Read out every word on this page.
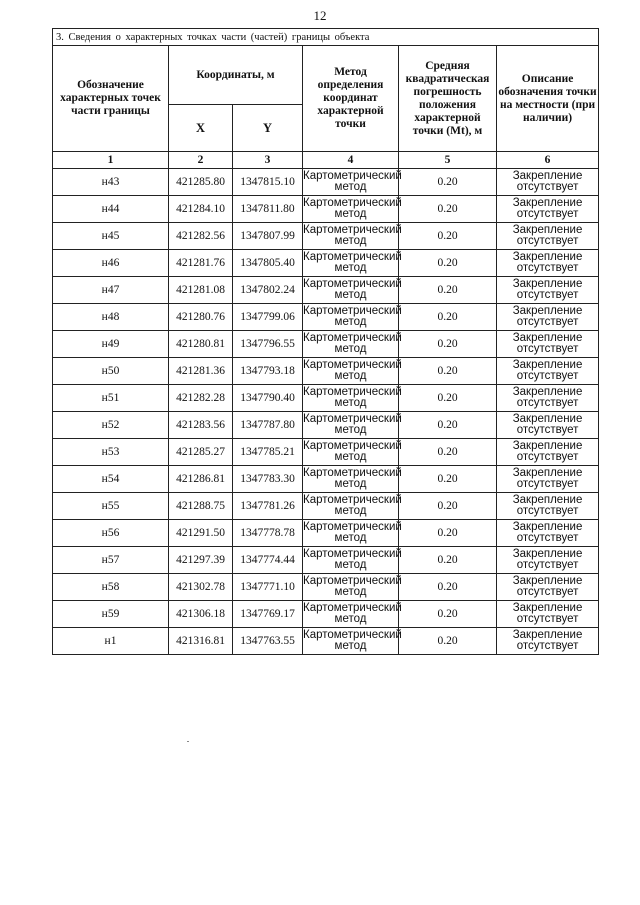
12
3. Сведения о характерных точках части (частей) границы объекта					
Обозначение характерных точек части границы	Координаты, м		Метод определения координат характерной точки	Средняя квадратическая погрешность положения характерной точки (Mt), м	Описание обозначения точки на местности (при наличии)
	X	Y			
1	2	3	4	5	6
н43	421285.80	1347815.10	Картометрический метод	0.20	Закрепление отсутствует
н44	421284.10	1347811.80	Картометрический метод	0.20	Закрепление отсутствует
н45	421282.56	1347807.99	Картометрический метод	0.20	Закрепление отсутствует
н46	421281.76	1347805.40	Картометрический метод	0.20	Закрепление отсутствует
н47	421281.08	1347802.24	Картометрический метод	0.20	Закрепление отсутствует
н48	421280.76	1347799.06	Картометрический метод	0.20	Закрепление отсутствует
н49	421280.81	1347796.55	Картометрический метод	0.20	Закрепление отсутствует
н50	421281.36	1347793.18	Картометрический метод	0.20	Закрепление отсутствует
н51	421282.28	1347790.40	Картометрический метод	0.20	Закрепление отсутствует
н52	421283.56	1347787.80	Картометрический метод	0.20	Закрепление отсутствует
н53	421285.27	1347785.21	Картометрический метод	0.20	Закрепление отсутствует
н54	421286.81	1347783.30	Картометрический метод	0.20	Закрепление отсутствует
н55	421288.75	1347781.26	Картометрический метод	0.20	Закрепление отсутствует
н56	421291.50	1347778.78	Картометрический метод	0.20	Закрепление отсутствует
н57	421297.39	1347774.44	Картометрический метод	0.20	Закрепление отсутствует
н58	421302.78	1347771.10	Картометрический метод	0.20	Закрепление отсутствует
н59	421306.18	1347769.17	Картометрический метод	0.20	Закрепление отсутствует
н1	421316.81	1347763.55	Картометрический метод	0.20	Закрепление отсутствует
